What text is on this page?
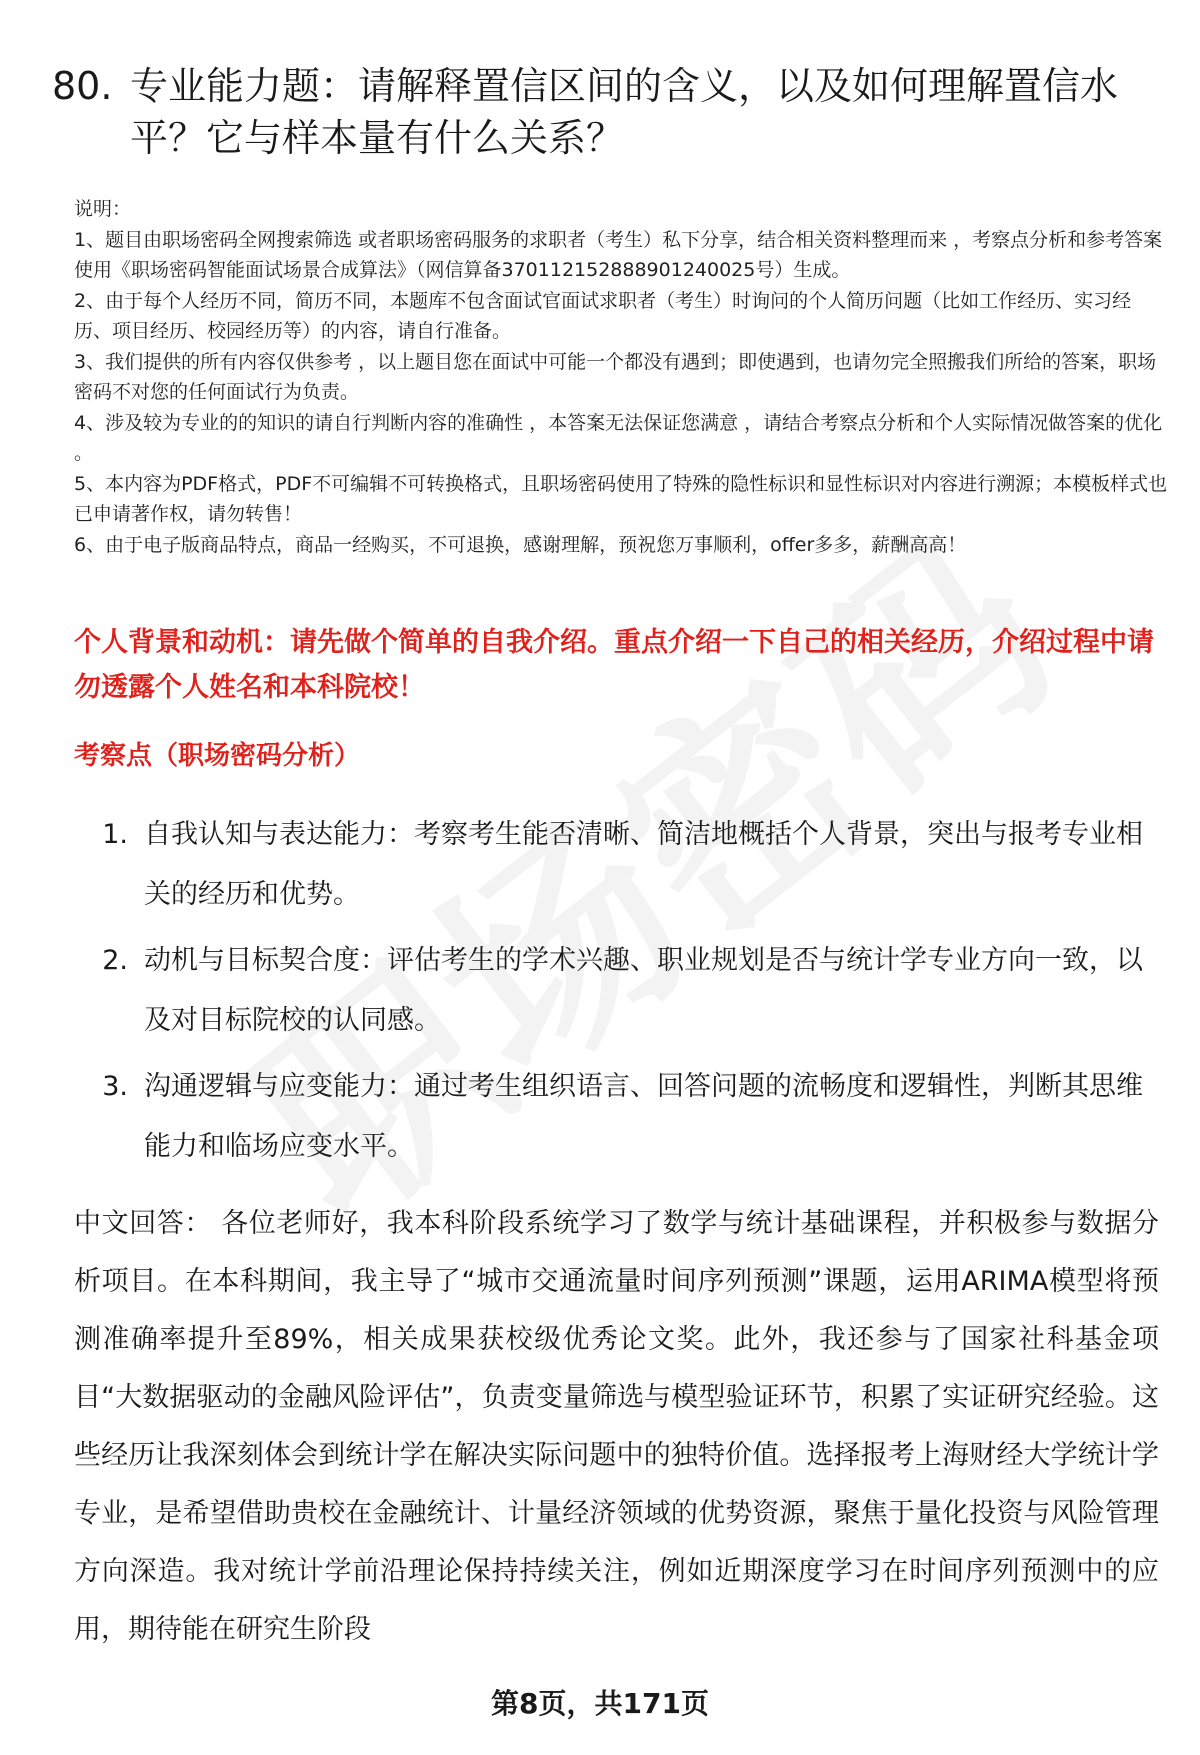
80. 专业能力题：请解释置信区间的含义，以及如何理解置信水平？它与样本量有什么关系？

说明：

1、题目由职场密码全网搜索筛选 或者职场密码服务的求职者（考生）私下分享，结合相关资料整理而来 ，考察点分析和参考答案使用《职场密码智能面试场景合成算法》（网信算备370112152888901240025号）生成。

2、由于每个人经历不同，简历不同，本题库不包含面试官面试求职者（考生）时询问的个人简历问题（比如工作经历、实习经历、项目经历、校园经历等）的内容，请自行准备。

3、我们提供的所有内容仅供参考 ，以上题目您在面试中可能一个都没有遇到；即使遇到，也请勿完全照搬我们所给的答案，职场密码不对您的任何面试行为负责。

4、涉及较为专业的的知识的请自行判断内容的准确性 ，本答案无法保证您满意 ，请结合考察点分析和个人实际情况做答案的优化 。

5、本内容为PDF格式，PDF不可编辑不可转换格式，且职场密码使用了特殊的隐性标识和显性标识对内容进行溯源；本模板样式也已申请著作权，请勿转售！

6、由于电子版商品特点，商品一经购买，不可退换，感谢理解，预祝您万事顺利，offer多多，薪酬高高！

个人背景和动机：请先做个简单的自我介绍。重点介绍一下自己的相关经历，介绍过程中请勿透露个人姓名和本科院校！
考察点（职场密码分析）
1. 自我认知与表达能力：考察考生能否清晰、简洁地概括个人背景，突出与报考专业相关的经历和优势。
2. 动机与目标契合度：评估考生的学术兴趣、职业规划是否与统计学专业方向一致，以及对目标院校的认同感。
3. 沟通逻辑与应变能力：通过考生组织语言、回答问题的流畅度和逻辑性，判断其思维能力和临场应变水平。
中文回答： 各位老师好，我本科阶段系统学习了数学与统计基础课程，并积极参与数据分析项目。在本科期间，我主导了“城市交通流量时间序列预测”课题，运用ARIMA模型将预测准确率提升至89%，相关成果获校级优秀论文奖。此外，我还参与了国家社科基金项目“大数据驱动的金融风险评估”，负责变量筛选与模型验证环节，积累了实证研究经验。这些经历让我深刻体会到统计学在解决实际问题中的独特价值。选择报考上海财经大学统计学专业，是希望借助贵校在金融统计、计量经济领域的优势资源，聚焦于量化投资与风险管理方向深造。我对统计学前沿理论保持持续关注，例如近期深度学习在时间序列预测中的应用，期待能在研究生阶段
第8页，共171页
